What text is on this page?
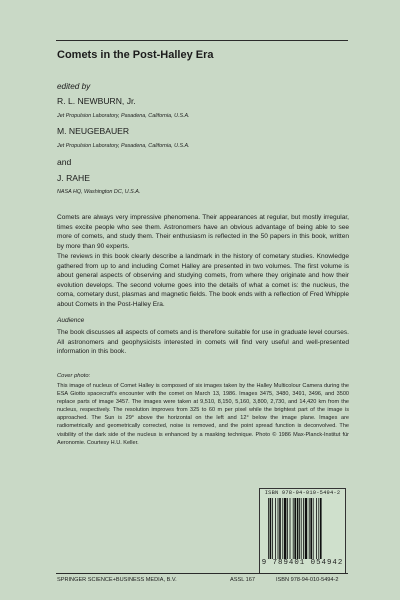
Comets in the Post-Halley Era
edited by
R. L. NEWBURN, Jr.
Jet Propulsion Laboratory, Pasadena, California, U.S.A.
M. NEUGEBAUER
Jet Propulsion Laboratory, Pasadena, California, U.S.A.
and
J. RAHE
NASA HQ, Washington DC, U.S.A.
Comets are always very impressive phenomena. Their appearances at regular, but mostly irregular, times excite people who see them. Astronomers have an obvious advantage of being able to see more of comets, and study them. Their enthusiasm is reflected in the 50 papers in this book, written by more than 90 experts.
The reviews in this book clearly describe a landmark in the history of cometary studies. Knowledge gathered from up to and including Comet Halley are presented in two volumes. The first volume is about general aspects of observing and studying comets, from where they originate and how their evolution develops. The second volume goes into the details of what a comet is: the nucleus, the coma, cometary dust, plasmas and magnetic fields. The book ends with a reflection of Fred Whipple about Comets in the Post-Halley Era.
Audience
The book discusses all aspects of comets and is therefore suitable for use in graduate level courses. All astronomers and geophysicists interested in comets will find very useful and well-presented information in this book.
Cover photo:
This image of nucleus of Comet Halley is composed of six images taken by the Halley Multicolour Camera during the ESA Giotto spacecraft's encounter with the comet on March 13, 1986. Images 3475, 3480, 3491, 3496, and 3500 replace parts of image 3457. The images were taken at 9,510, 8,150, 5,160, 3,800, 2,730, and 14,420 km from the nucleus, respectively. The resolution improves from 325 to 60 m per pixel while the brightest part of the image is approached. The Sun is 29° above the horizontal on the left and 12° below the image plane. Images are radiometrically and geometrically corrected, noise is removed, and the point spread function is deconvolved. The visibility of the dark side of the nucleus is enhanced by a masking technique. Photo © 1986 Max-Planck-Institut für Aeronomie. Courtesy H.U. Keller.
ISBN 978-94-010-5494-2
9 789401 054942
SPRINGER SCIENCE+BUSINESS MEDIA, B.V.	ASSL 167	ISBN 978-94-010-5494-2
